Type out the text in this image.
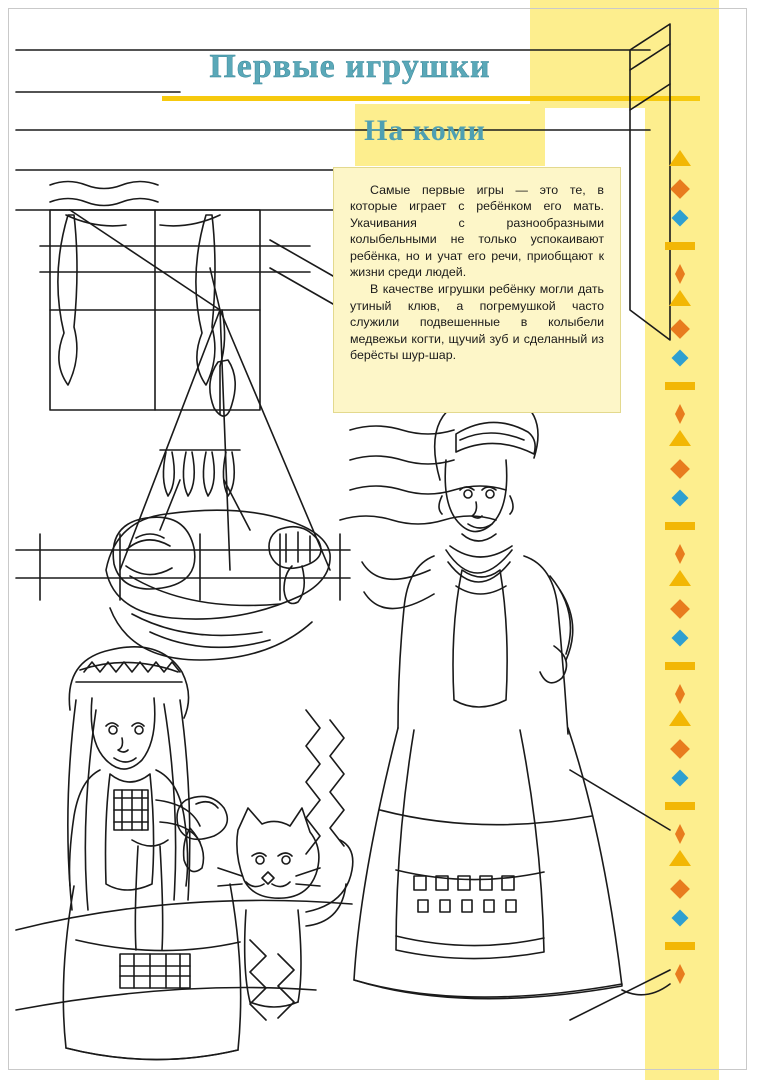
Первые игрушки
На коми

Самые первые игры — это те, в которые играет с ребёнком его мать. Укачивания с разнообразными колыбельными не только успокаивают ребёнка, но и учат его речи, приобщают к жизни среди людей.

В качестве игрушки ребёнку могли дать утиный клюв, а погремушкой часто служили подвешенные в колыбели медвежьи когти, щучий зуб и сделанный из берёсты шур-шар.
